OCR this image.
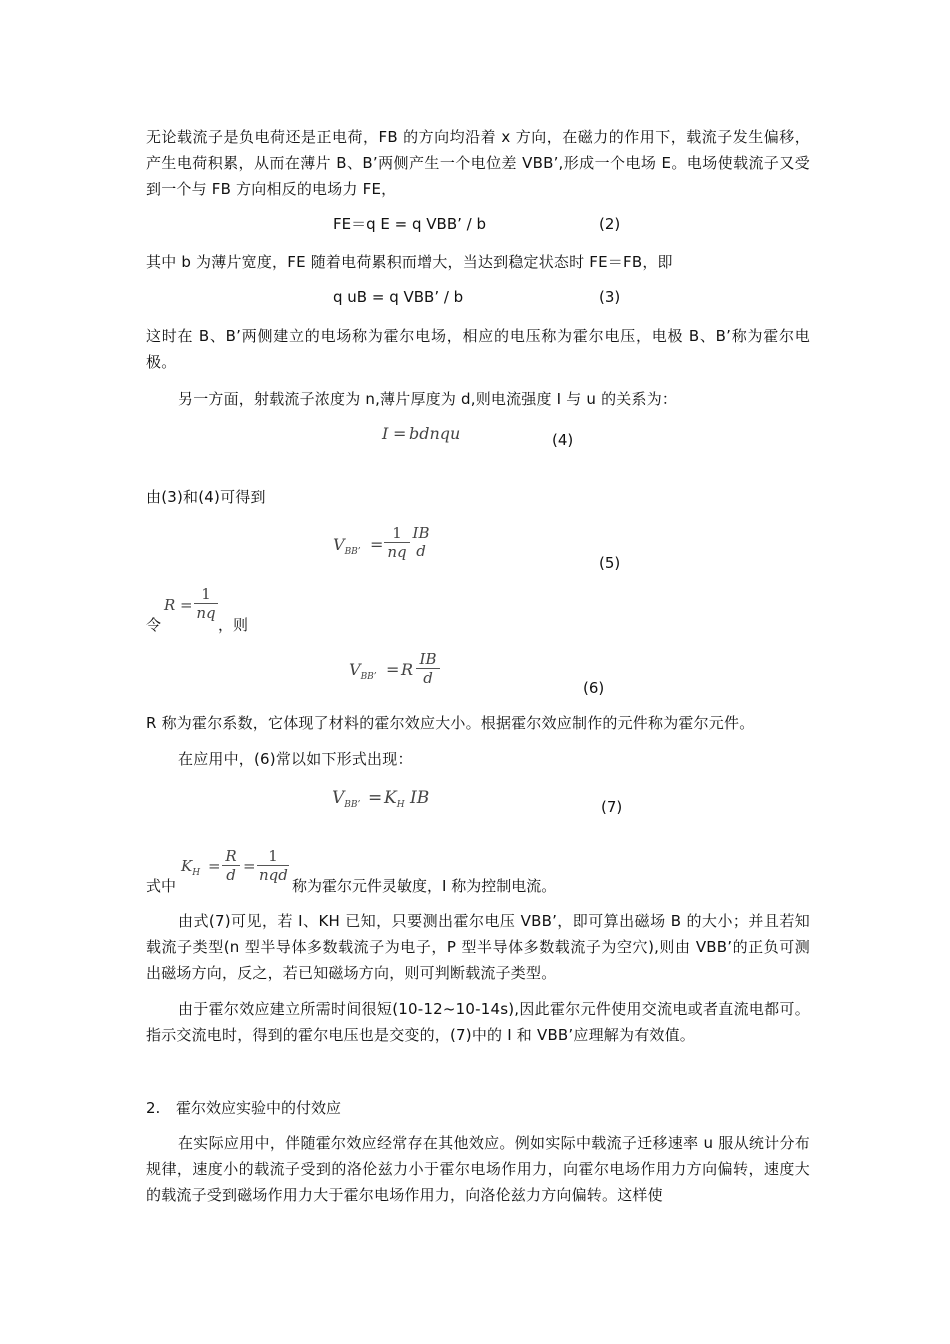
无论载流子是负电荷还是正电荷，FB 的方向均沿着 x 方向，在磁力的作用下，载流子发生偏移，产生电荷积累，从而在薄片 B、B’两侧产生一个电位差 VBB’,形成一个电场 E。电场使载流子又受到一个与 FB 方向相反的电场力 FE，

FE＝q E = q VBB’ / b	(2)

其中 b 为薄片宽度，FE 随着电荷累积而增大，当达到稳定状态时 FE＝FB，即

q uB = q VBB’ / b	(3)

这时在 B、B’两侧建立的电场称为霍尔电场，相应的电压称为霍尔电压，电极 B、B’称为霍尔电极。

另一方面，射载流子浓度为 n,薄片厚度为 d,则电流强度 I 与 u 的关系为：

I = bdnqu	(4)

由(3)和(4)可得到

$V_{BB’} = \frac{1}{nq}$ IB
d
(5)
令
$R = \frac{1}{nq}$
，则
$V_{BB’} = R \frac{IB}{d}$
(6)

R 称为霍尔系数，它体现了材料的霍尔效应大小。根据霍尔效应制作的元件称为霍尔元件。

在应用中，(6)常以如下形式出现：

$V_{BB’} = K_H$ IB	(7)
式中
$K_H = \frac{R}{d}$ =
1
nqd
称为霍尔元件灵敏度，I 称为控制电流。

由式(7)可见，若 I、KH 已知，只要测出霍尔电压 VBB’，即可算出磁场 B 的大小；并且若知载流子类型(n 型半导体多数载流子为电子，P 型半导体多数载流子为空穴),则由 VBB’的正负可测出磁场方向，反之，若已知磁场方向，则可判断载流子类型。

由于霍尔效应建立所需时间很短(10-12~10-14s),因此霍尔元件使用交流电或者直流电都可。指示交流电时，得到的霍尔电压也是交变的，(7)中的 I 和 VBB’应理解为有效值。

2. 霍尔效应实验中的付效应

在实际应用中，伴随霍尔效应经常存在其他效应。例如实际中载流子迁移速率 u 服从统计分布规律，速度小的载流子受到的洛伦兹力小于霍尔电场作用力，向霍尔电场作用力方向偏转，速度大的载流子受到磁场作用力大于霍尔电场作用力，向洛伦兹力方向偏转。这样使
